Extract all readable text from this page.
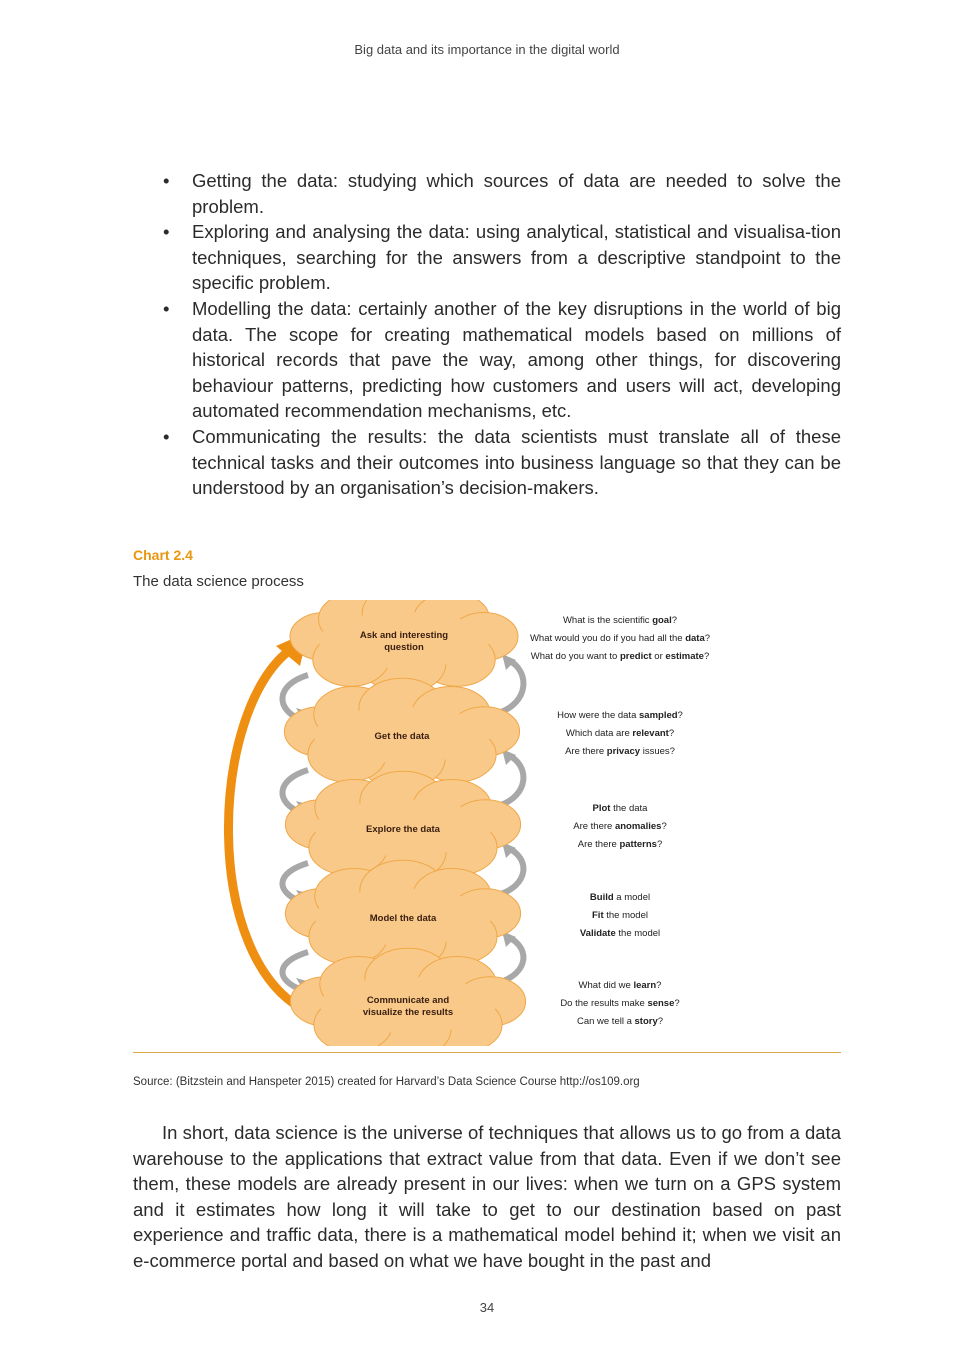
Big data and its importance in the digital world
• Getting the data: studying which sources of data are needed to solve the problem.
• Exploring and analysing the data: using analytical, statistical and visualisa-tion techniques, searching for the answers from a descriptive standpoint to the specific problem.
• Modelling the data: certainly another of the key disruptions in the world of big data. The scope for creating mathematical models based on millions of historical records that pave the way, among other things, for discovering behaviour patterns, predicting how customers and users will act, developing automated recommendation mechanisms, etc.
• Communicating the results: the data scientists must translate all of these technical tasks and their outcomes into business language so that they can be understood by an organisation’s decision-makers.
Chart 2.4
The data science process
Ask and interesting
question
What is the scientific goal?
What would you do if you had all the data?
What do you want to predict or estimate?
Get the data
How were the data sampled?
Which data are relevant?
Are there privacy issues?
Explore the data
Plot the data
Are there anomalies?
Are there patterns?
Model the data
Build a model
Fit the model
Validate the model
Communicate and
visualize the results
What did we learn?
Do the results make sense?
Can we tell a story?
Source: (Bitzstein and Hanspeter 2015) created for Harvard’s Data Science Course http://os109.org

In short, data science is the universe of techniques that allows us to go from a data warehouse to the applications that extract value from that data. Even if we don’t see them, these models are already present in our lives: when we turn on a GPS system and it estimates how long it will take to get to our destination based on past experience and traffic data, there is a mathematical model behind it; when we visit an e-commerce portal and based on what we have bought in the past and

34
